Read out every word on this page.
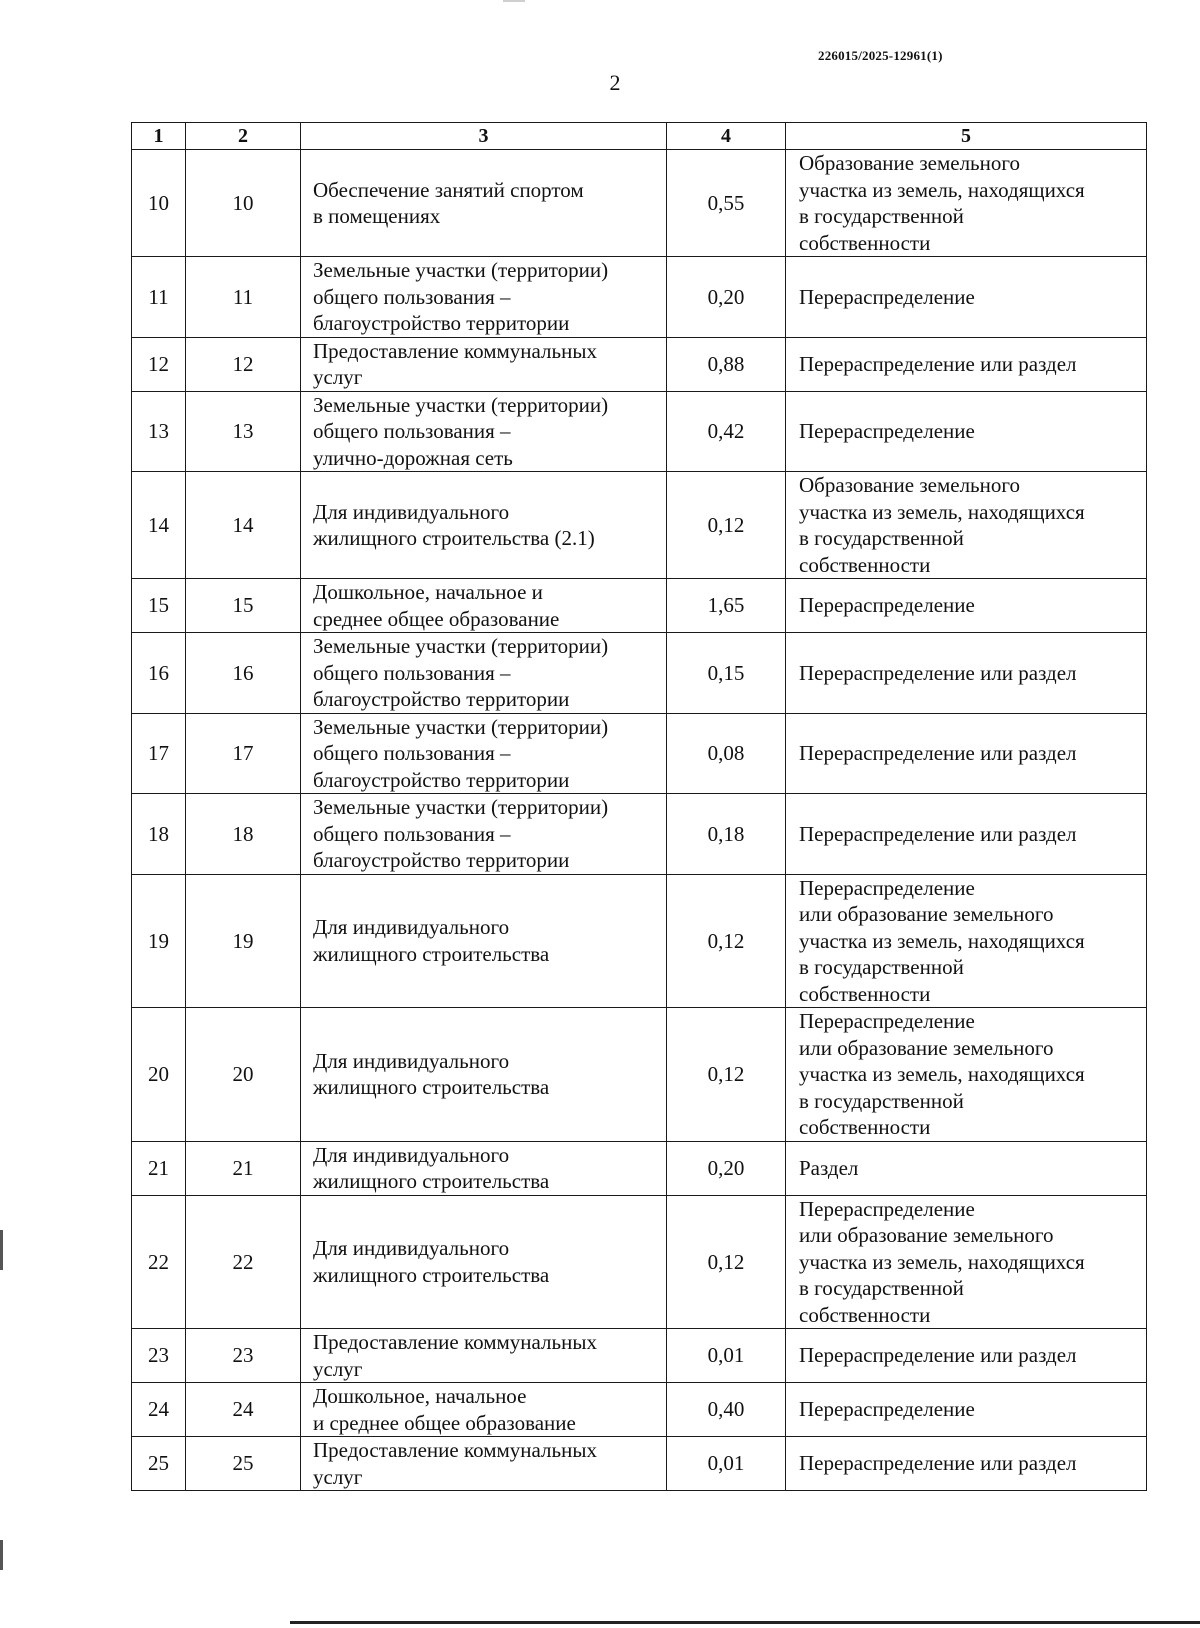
226015/2025-12961(1)
2
1	2	3	4	5
10	10	Обеспечение занятий спортом
в помещениях	0,55	Образование земельного
участка из земель, находящихся
в государственной
собственности
11	11	Земельные участки (территории)
общего пользования –
благоустройство территории	0,20	Перераспределение
12	12	Предоставление коммунальных
услуг	0,88	Перераспределение или раздел
13	13	Земельные участки (территории)
общего пользования –
улично-дорожная сеть	0,42	Перераспределение
14	14	Для индивидуального
жилищного строительства (2.1)	0,12	Образование земельного
участка из земель, находящихся
в государственной
собственности
15	15	Дошкольное, начальное и
среднее общее образование	1,65	Перераспределение
16	16	Земельные участки (территории)
общего пользования –
благоустройство территории	0,15	Перераспределение или раздел
17	17	Земельные участки (территории)
общего пользования –
благоустройство территории	0,08	Перераспределение или раздел
18	18	Земельные участки (территории)
общего пользования –
благоустройство территории	0,18	Перераспределение или раздел
19	19	Для индивидуального
жилищного строительства	0,12	Перераспределение
или образование земельного
участка из земель, находящихся
в государственной
собственности
20	20	Для индивидуального
жилищного строительства	0,12	Перераспределение
или образование земельного
участка из земель, находящихся
в государственной
собственности
21	21	Для индивидуального
жилищного строительства	0,20	Раздел
22	22	Для индивидуального
жилищного строительства	0,12	Перераспределение
или образование земельного
участка из земель, находящихся
в государственной
собственности
23	23	Предоставление коммунальных
услуг	0,01	Перераспределение или раздел
24	24	Дошкольное, начальное
и среднее общее образование	0,40	Перераспределение
25	25	Предоставление коммунальных
услуг	0,01	Перераспределение или раздел
